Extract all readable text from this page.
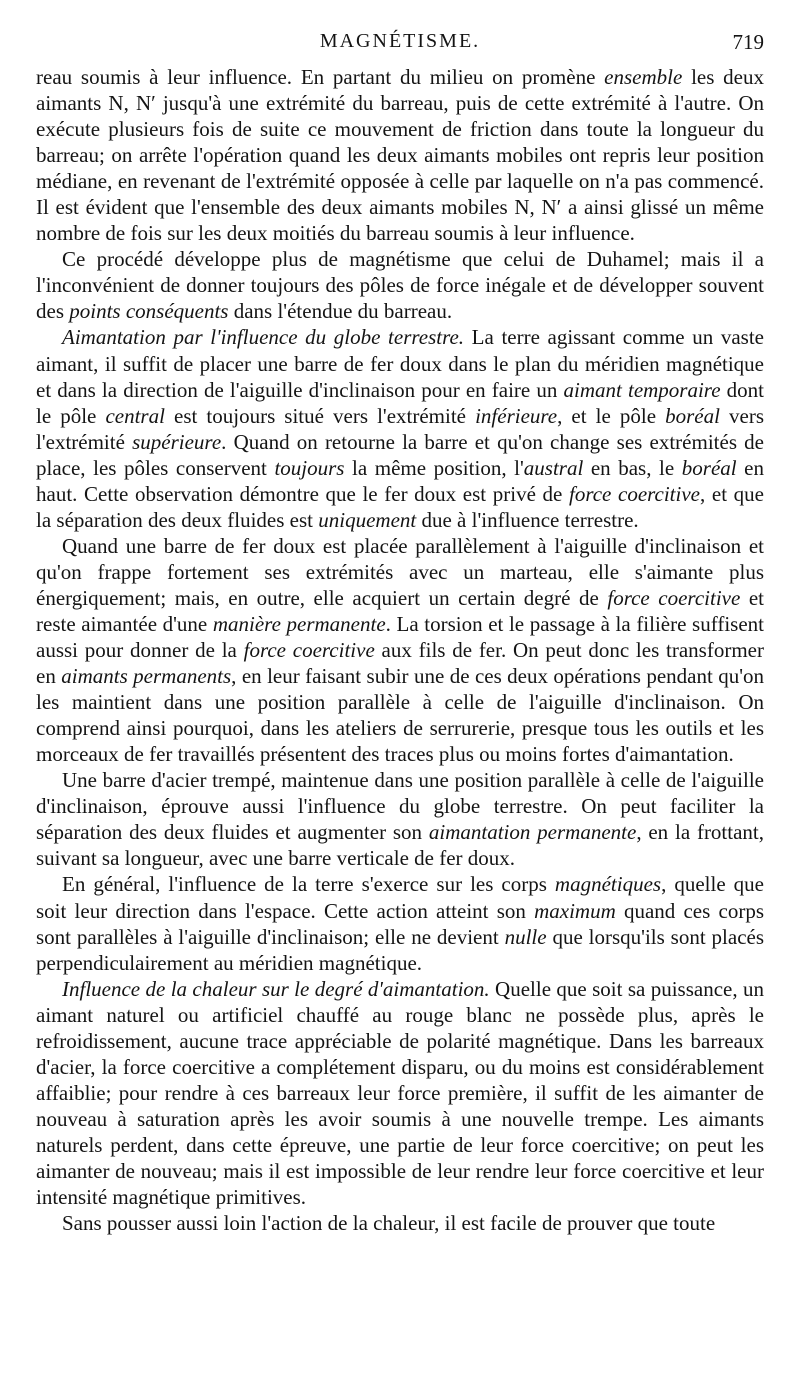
MAGNÉTISME.	719

reau soumis à leur influence. En partant du milieu on promène ensemble les deux aimants N, N′ jusqu'à une extrémité du barreau, puis de cette extrémité à l'autre. On exécute plusieurs fois de suite ce mouvement de friction dans toute la longueur du barreau; on arrête l'opération quand les deux aimants mobiles ont repris leur position médiane, en revenant de l'extrémité opposée à celle par laquelle on n'a pas commencé. Il est évident que l'ensemble des deux aimants mobiles N, N′ a ainsi glissé un même nombre de fois sur les deux moitiés du barreau soumis à leur influence.

Ce procédé développe plus de magnétisme que celui de Duhamel; mais il a l'inconvénient de donner toujours des pôles de force inégale et de développer souvent des points conséquents dans l'étendue du barreau.

Aimantation par l'influence du globe terrestre. La terre agissant comme un vaste aimant, il suffit de placer une barre de fer doux dans le plan du méridien magnétique et dans la direction de l'aiguille d'inclinaison pour en faire un aimant temporaire dont le pôle central est toujours situé vers l'extrémité inférieure, et le pôle boréal vers l'extrémité supérieure. Quand on retourne la barre et qu'on change ses extrémités de place, les pôles conservent toujours la même position, l'austral en bas, le boréal en haut. Cette observation démontre que le fer doux est privé de force coercitive, et que la séparation des deux fluides est uniquement due à l'influence terrestre.

Quand une barre de fer doux est placée parallèlement à l'aiguille d'inclinaison et qu'on frappe fortement ses extrémités avec un marteau, elle s'aimante plus énergiquement; mais, en outre, elle acquiert un certain degré de force coercitive et reste aimantée d'une manière permanente. La torsion et le passage à la filière suffisent aussi pour donner de la force coercitive aux fils de fer. On peut donc les transformer en aimants permanents, en leur faisant subir une de ces deux opérations pendant qu'on les maintient dans une position parallèle à celle de l'aiguille d'inclinaison. On comprend ainsi pourquoi, dans les ateliers de serrurerie, presque tous les outils et les morceaux de fer travaillés présentent des traces plus ou moins fortes d'aimantation.

Une barre d'acier trempé, maintenue dans une position parallèle à celle de l'aiguille d'inclinaison, éprouve aussi l'influence du globe terrestre. On peut faciliter la séparation des deux fluides et augmenter son aimantation permanente, en la frottant, suivant sa longueur, avec une barre verticale de fer doux.

En général, l'influence de la terre s'exerce sur les corps magnétiques, quelle que soit leur direction dans l'espace. Cette action atteint son maximum quand ces corps sont parallèles à l'aiguille d'inclinaison; elle ne devient nulle que lorsqu'ils sont placés perpendiculairement au méridien magnétique.

Influence de la chaleur sur le degré d'aimantation. Quelle que soit sa puissance, un aimant naturel ou artificiel chauffé au rouge blanc ne possède plus, après le refroidissement, aucune trace appréciable de polarité magnétique. Dans les barreaux d'acier, la force coercitive a complétement disparu, ou du moins est considérablement affaiblie; pour rendre à ces barreaux leur force première, il suffit de les aimanter de nouveau à saturation après les avoir soumis à une nouvelle trempe. Les aimants naturels perdent, dans cette épreuve, une partie de leur force coercitive; on peut les aimanter de nouveau; mais il est impossible de leur rendre leur force coercitive et leur intensité magnétique primitives.

Sans pousser aussi loin l'action de la chaleur, il est facile de prouver que toute
